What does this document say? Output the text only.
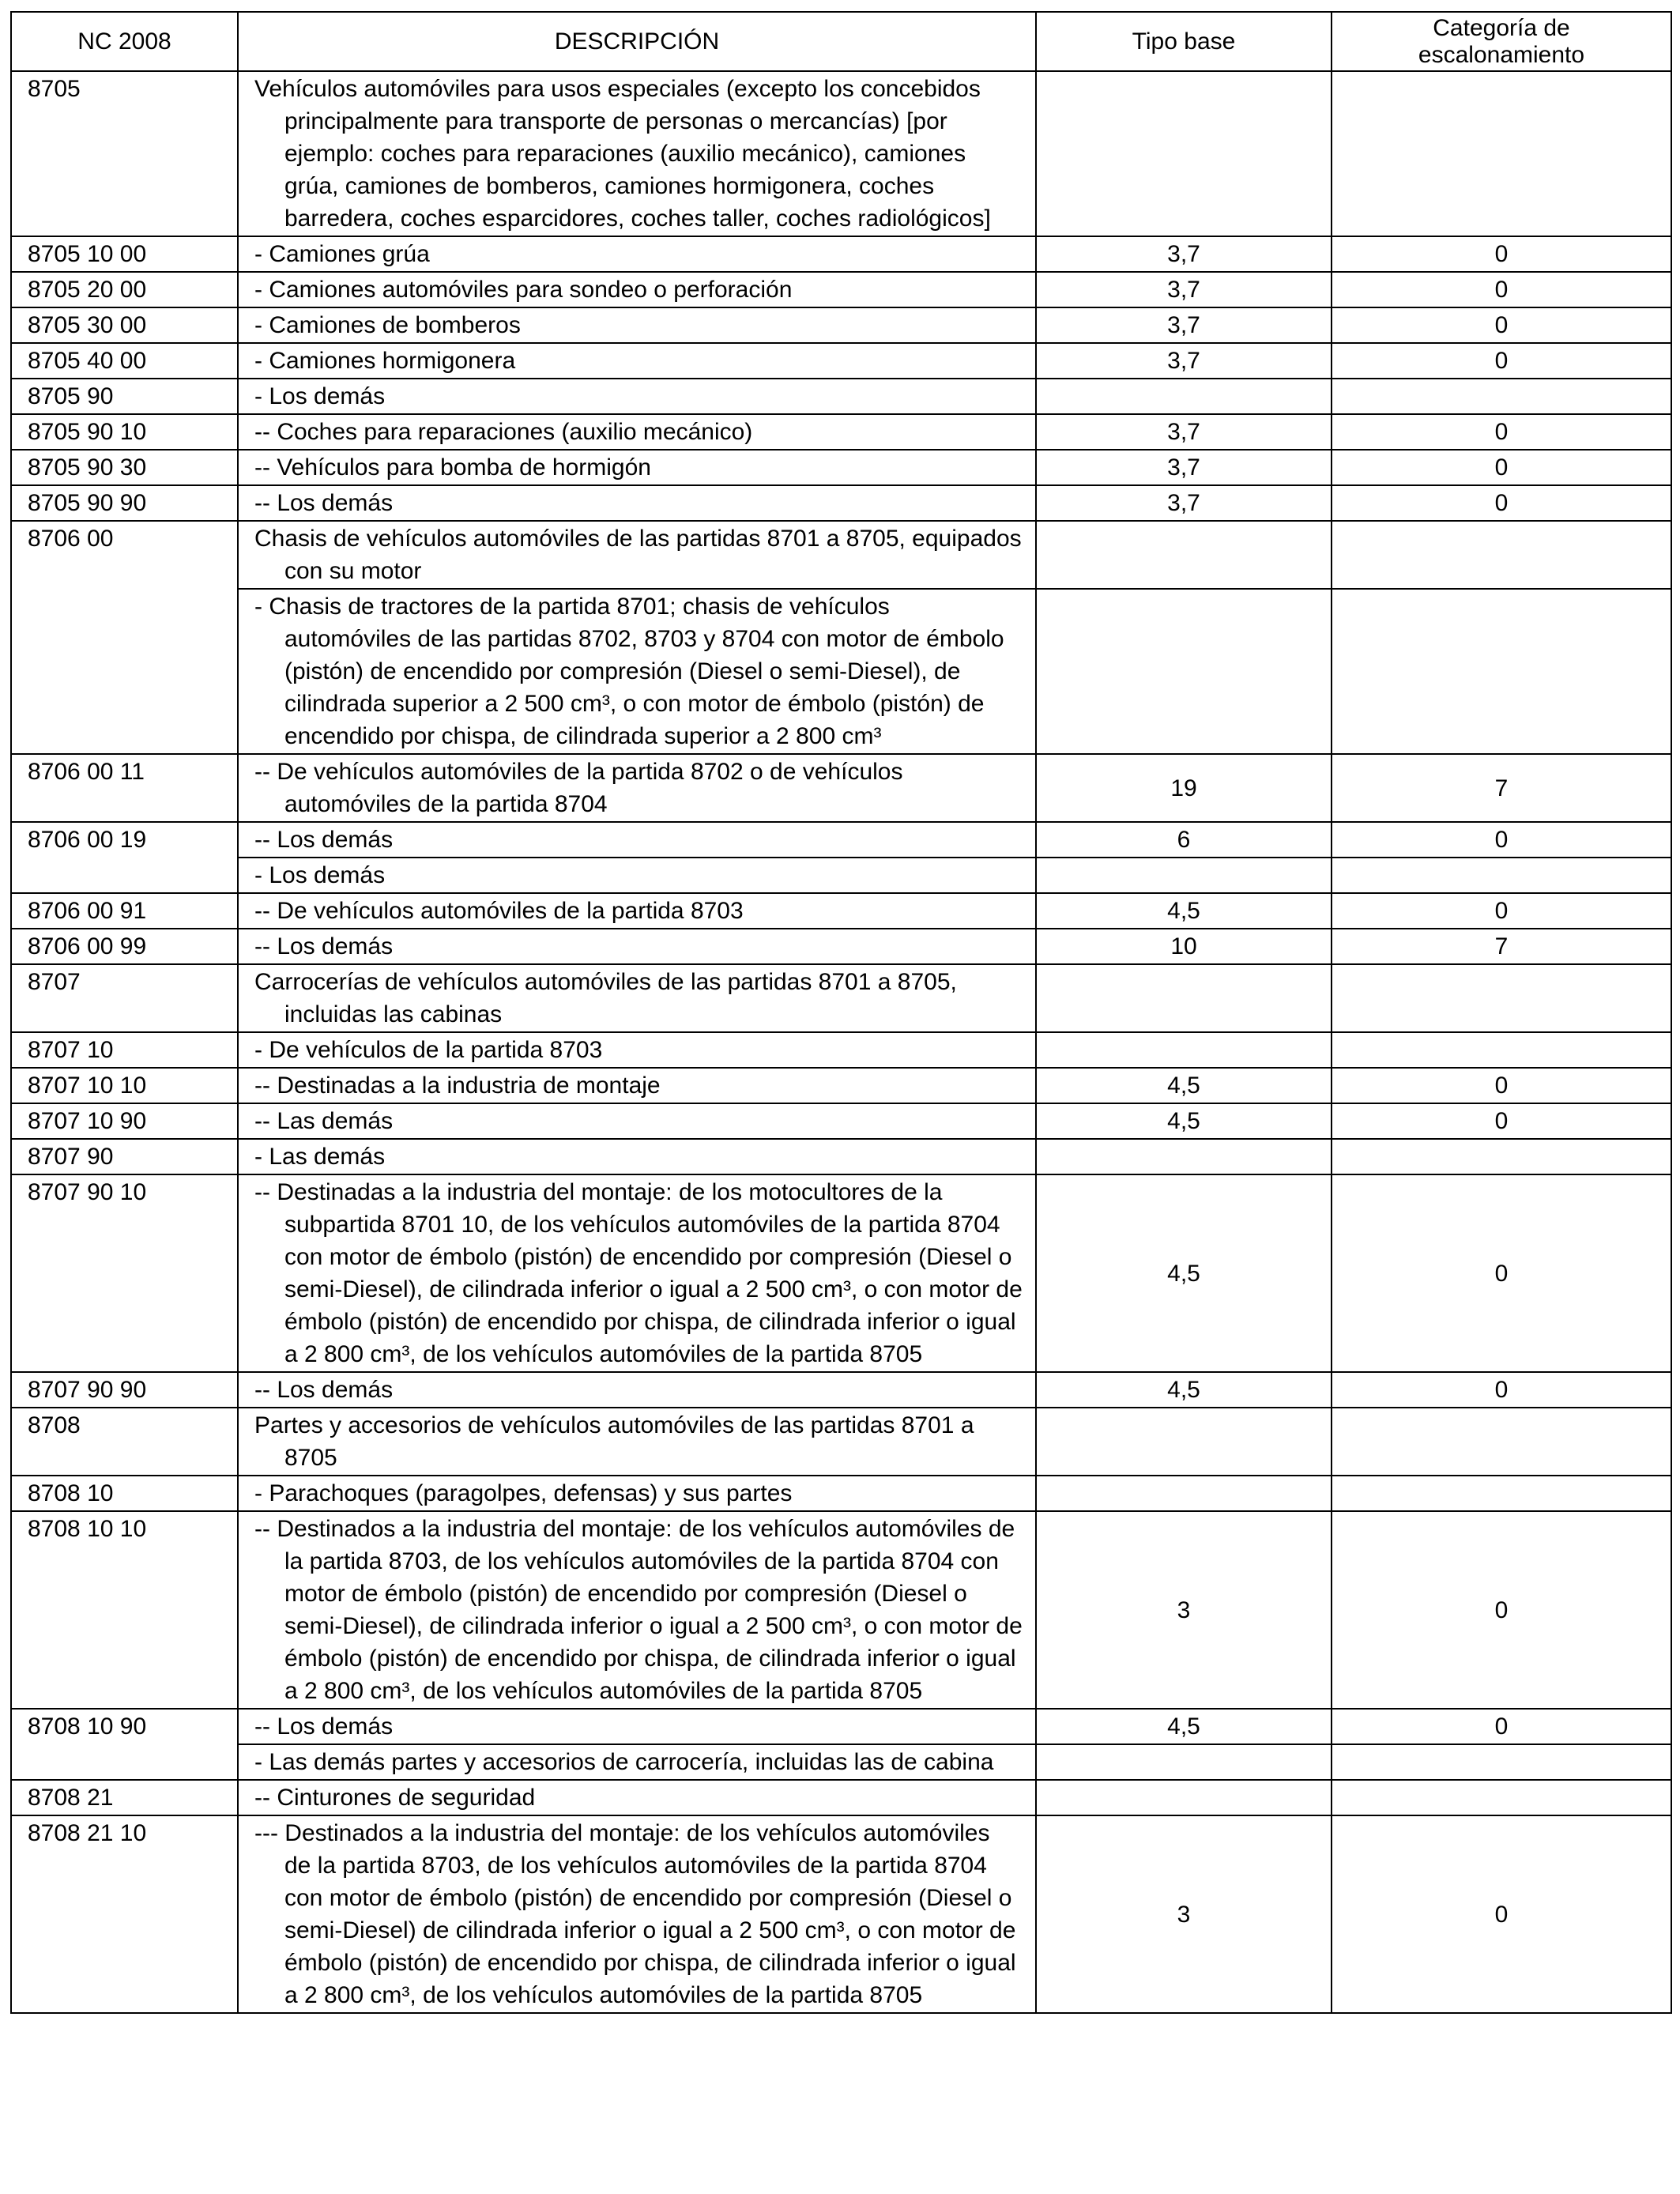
NC 2008	DESCRIPCIÓN	Tipo base	Categoría de escalonamiento
8705	Vehículos automóviles para usos especiales (excepto los concebidos principalmente para transporte de personas o mercancías) [por ejemplo: coches para reparaciones (auxilio mecánico), camiones grúa, camiones de bomberos, camiones hormigonera, coches barredera, coches esparcidores, coches taller, coches radiológicos]		

8705 10 00	- Camiones grúa	3,7	0
8705 20 00	- Camiones automóviles para sondeo o perforación	3,7	0
8705 30 00	- Camiones de bomberos	3,7	0
8705 40 00	- Camiones hormigonera	3,7	0
8705 90	- Los demás		

8705 90 10	-- Coches para reparaciones (auxilio mecánico)	3,7	0
8705 90 30	-- Vehículos para bomba de hormigón	3,7	0
8705 90 90	-- Los demás	3,7	0
8706 00	Chasis de vehículos automóviles de las partidas 8701 a 8705, equipados con su motor		

	- Chasis de tractores de la partida 8701; chasis de vehículos automóviles de las partidas 8702, 8703 y 8704 con motor de émbolo (pistón) de encendido por compresión (Diesel o semi-Diesel), de cilindrada superior a 2 500 cm³, o con motor de émbolo (pistón) de encendido por chispa, de cilindrada superior a 2 800 cm³		

8706 00 11	-- De vehículos automóviles de la partida 8702 o de vehículos automóviles de la partida 8704	19	7
8706 00 19	-- Los demás	6	0

	- Los demás		

8706 00 91	-- De vehículos automóviles de la partida 8703	4,5	0
8706 00 99	-- Los demás	10	7
8707	Carrocerías de vehículos automóviles de las partidas 8701 a 8705, incluidas las cabinas		

8707 10	- De vehículos de la partida 8703		

8707 10 10	-- Destinadas a la industria de montaje	4,5	0
8707 10 90	-- Las demás	4,5	0
8707 90	- Las demás		

8707 90 10	-- Destinadas a la industria del montaje: de los motocultores de la subpartida 8701 10, de los vehículos automóviles de la partida 8704 con motor de émbolo (pistón) de encendido por compresión (Diesel o semi-Diesel), de cilindrada inferior o igual a 2 500 cm³, o con motor de émbolo (pistón) de encendido por chispa, de cilindrada inferior o igual a 2 800 cm³, de los vehículos automóviles de la partida 8705	4,5	0
8707 90 90	-- Los demás	4,5	0
8708	Partes y accesorios de vehículos automóviles de las partidas 8701 a 8705		

8708 10	- Parachoques (paragolpes, defensas) y sus partes		

8708 10 10	-- Destinados a la industria del montaje: de los vehículos automóviles de la partida 8703, de los vehículos automóviles de la partida 8704 con motor de émbolo (pistón) de encendido por compresión (Diesel o semi-Diesel), de cilindrada inferior o igual a 2 500 cm³, o con motor de émbolo (pistón) de encendido por chispa, de cilindrada inferior o igual a 2 800 cm³, de los vehículos automóviles de la partida 8705	3	0
8708 10 90	-- Los demás	4,5	0

	- Las demás partes y accesorios de carrocería, incluidas las de cabina		

8708 21	-- Cinturones de seguridad		

8708 21 10	--- Destinados a la industria del montaje: de los vehículos automóviles de la partida 8703, de los vehículos automóviles de la partida 8704 con motor de émbolo (pistón) de encendido por compresión (Diesel o semi-Diesel) de cilindrada inferior o igual a 2 500 cm³, o con motor de émbolo (pistón) de encendido por chispa, de cilindrada inferior o igual a 2 800 cm³, de los vehículos automóviles de la partida 8705	3	0
